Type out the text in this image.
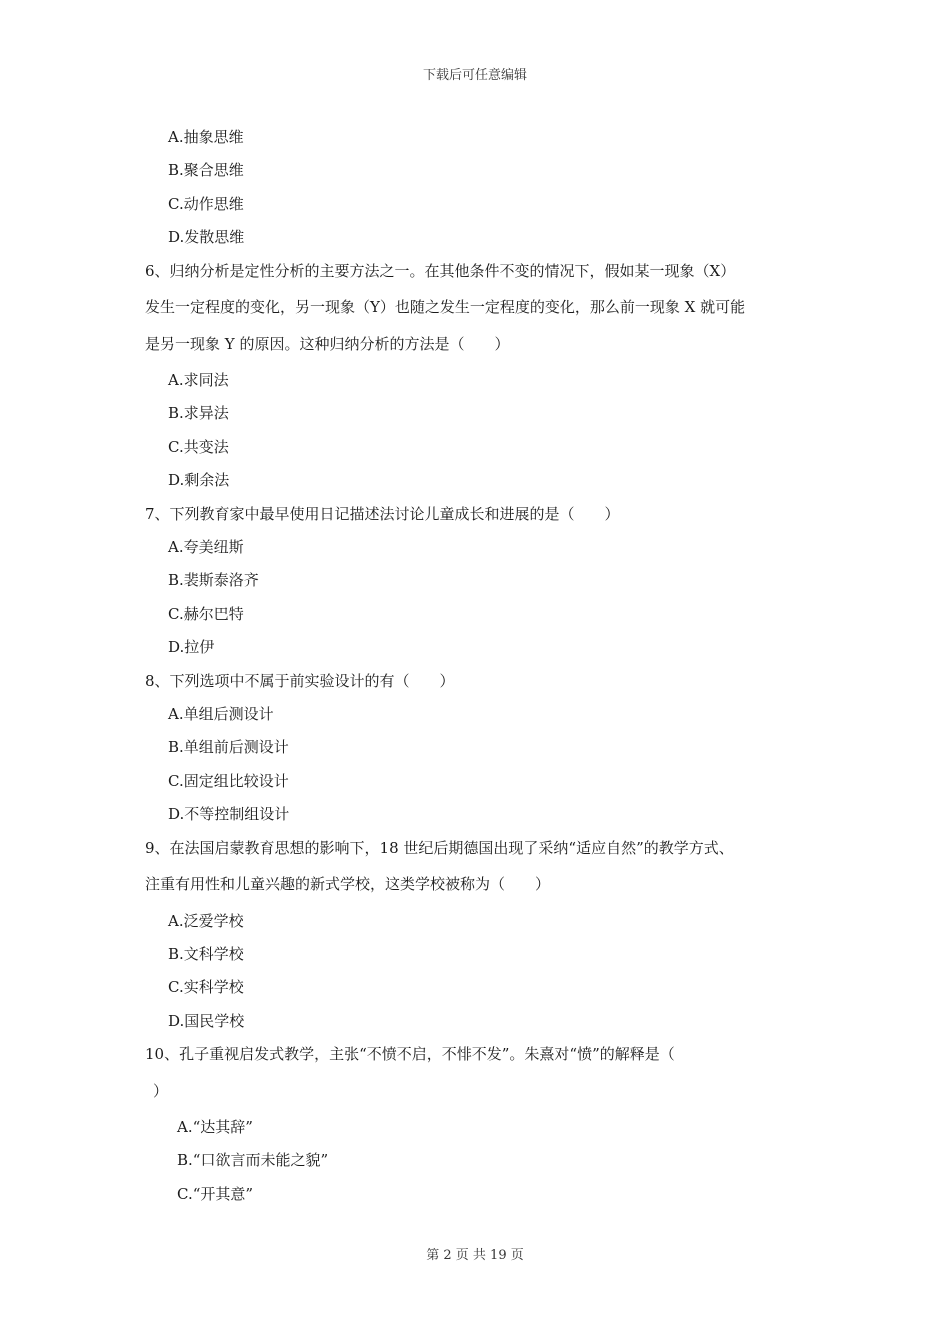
下载后可任意编辑
A.抽象思维
B.聚合思维
C.动作思维
D.发散思维
6、归纳分析是定性分析的主要方法之一。在其他条件不变的情况下，假如某一现象（X）
发生一定程度的变化，另一现象（Y）也随之发生一定程度的变化，那么前一现象 X 就可能
是另一现象 Y 的原因。这种归纳分析的方法是（　　）
A.求同法
B.求异法
C.共变法
D.剩余法
7、下列教育家中最早使用日记描述法讨论儿童成长和进展的是（　　）
A.夸美纽斯
B.裴斯泰洛齐
C.赫尔巴特
D.拉伊
8、下列选项中不属于前实验设计的有（　　）
A.单组后测设计
B.单组前后测设计
C.固定组比较设计
D.不等控制组设计
9、在法国启蒙教育思想的影响下，18 世纪后期德国出现了采纳“适应自然”的教学方式、
注重有用性和儿童兴趣的新式学校，这类学校被称为（　　）
A.泛爱学校
B.文科学校
C.实科学校
D.国民学校
10、孔子重视启发式教学，主张“不愤不启，不悱不发”。朱熹对“愤”的解释是（
）
A.“达其辞”
B.“口欲言而未能之貌”
C.“开其意”
第 2 页 共 19 页
